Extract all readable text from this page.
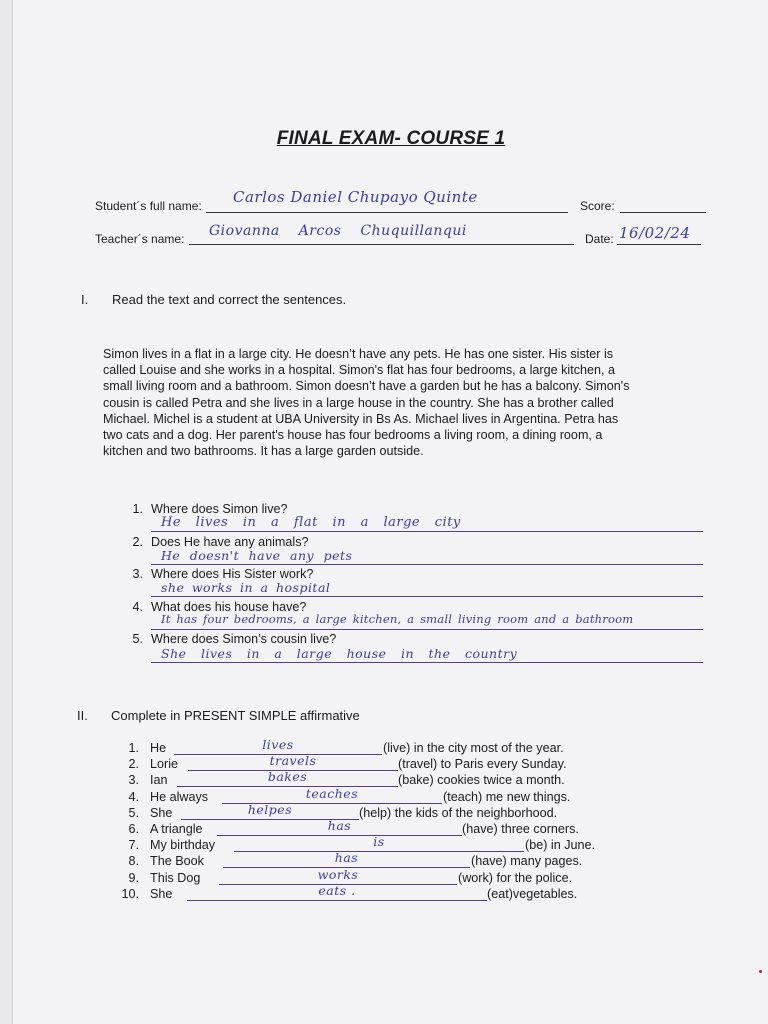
FINAL EXAM- COURSE 1
Student´s full name: Carlos Daniel Chupayo Quinte	Score:
Teacher´s name: Giovanna Arcos Chuquillanqui	Date: 16/02/24
I. Read the text and correct the sentences.
Simon lives in a flat in a large city. He doesn’t have any pets. He has one sister. His sister is
called Louise and she works in a hospital. Simon's flat has four bedrooms, a large kitchen, a
small living room and a bathroom. Simon doesn’t have a garden but he has a balcony. Simon's
cousin is called Petra and she lives in a large house in the country. She has a brother called
Michael. Michel is a student at UBA University in Bs As. Michael lives in Argentina. Petra has
two cats and a dog. Her parent's house has four bedrooms a living room, a dining room, a
kitchen and two bathrooms. It has a large garden outside.
1. Where does Simon live?
He lives in a flat in a large city
2. Does He have any animals?
He doesn't have any pets
3. Where does His Sister work?
she works in a hospital
4. What does his house have?
It has four bedrooms, a large kitchen, a small living room and a bathroom
5. Where does Simon’s cousin live?
She lives in a large house in the country
II. Complete in PRESENT SIMPLE affirmative
1. He	lives	(live) in the city most of the year.
2. Lorie	travels	(travel) to Paris every Sunday.
3. Ian	bakes	(bake) cookies twice a month.
4. He always	teaches	(teach) me new things.
5. She	helpes	(help) the kids of the neighborhood.
6. A triangle	has	(have) three corners.
7. My birthday	is	(be) in June.
8. The Book	has	(have) many pages.
9. This Dog	works	(work) for the police.
10. She	eats .	(eat)vegetables.
